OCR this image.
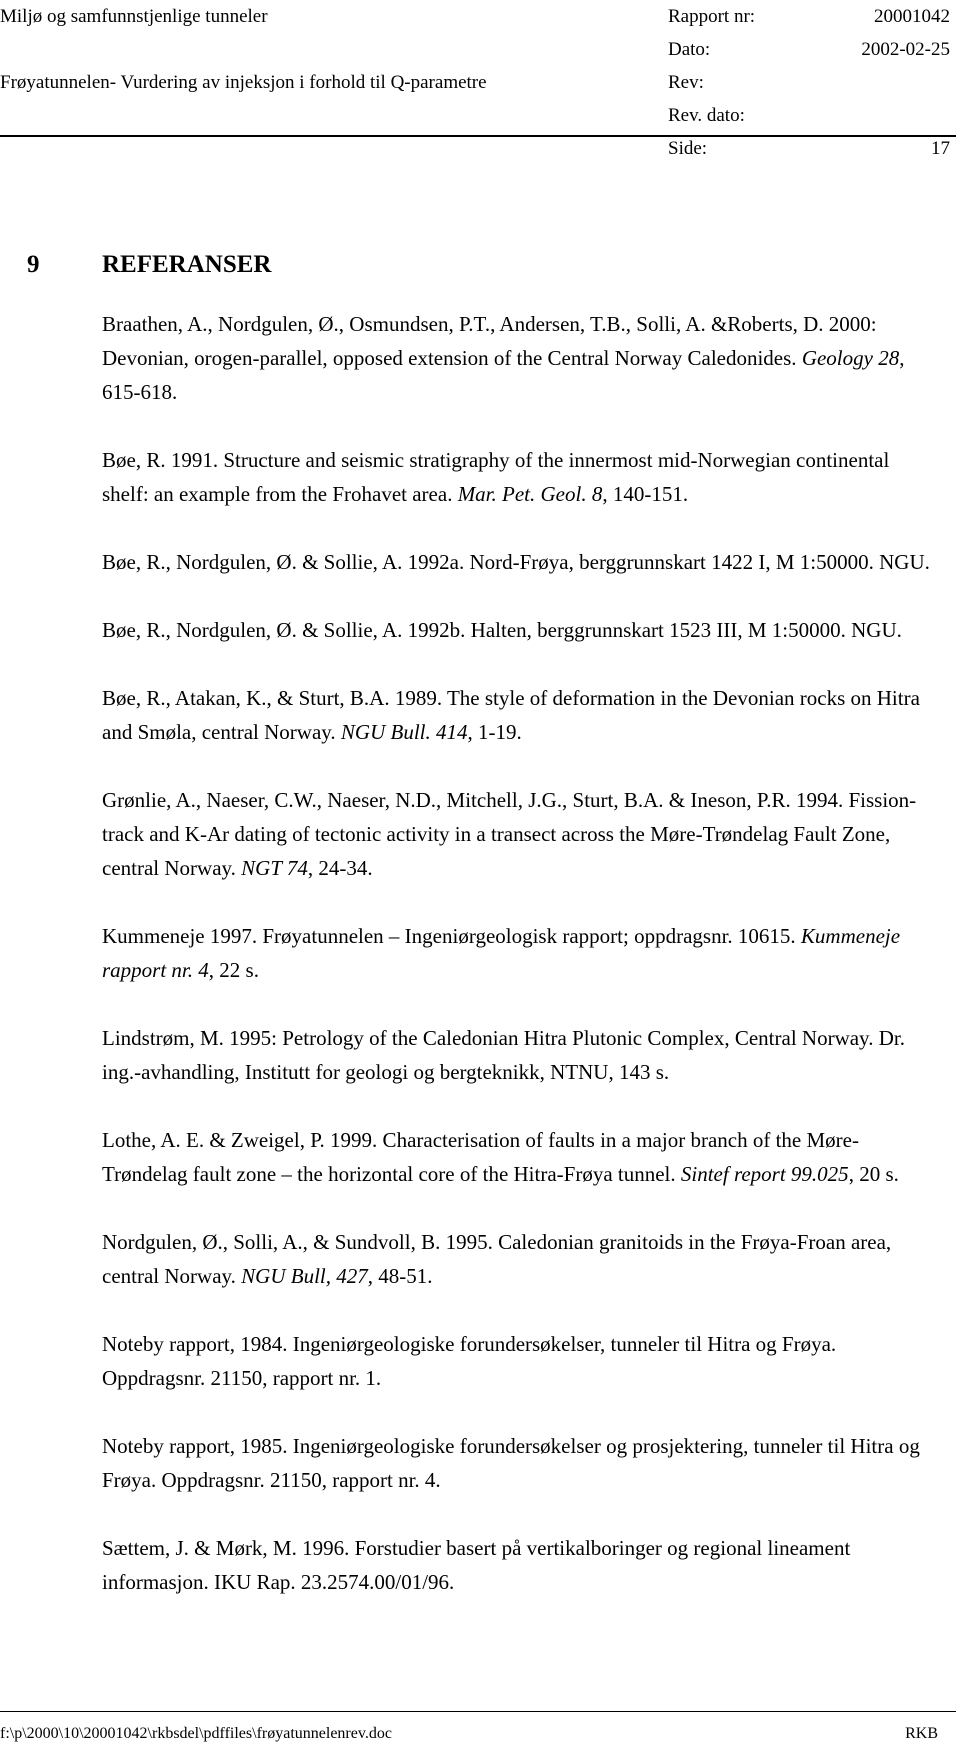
Miljø og samfunnstjenlige tunneler
Frøyatunnelen- Vurdering av injeksjon i forhold til Q-parametre
Rapport nr:	20001042
Dato:	2002-02-25
Rev:
Rev. dato:
Side:	17
9	REFERANSER
Braathen, A., Nordgulen, Ø., Osmundsen, P.T., Andersen, T.B., Solli, A. &Roberts, D. 2000: Devonian, orogen-parallel, opposed extension of the Central Norway Caledonides. Geology 28, 615-618.
Bøe, R. 1991. Structure and seismic stratigraphy of the innermost mid-Norwegian continental shelf: an example from the Frohavet area. Mar. Pet. Geol. 8, 140-151.
Bøe, R., Nordgulen, Ø. & Sollie, A. 1992a. Nord-Frøya, berggrunnskart 1422 I, M 1:50000. NGU.
Bøe, R., Nordgulen, Ø. & Sollie, A. 1992b. Halten, berggrunnskart 1523 III, M 1:50000. NGU.
Bøe, R., Atakan, K., & Sturt, B.A. 1989. The style of deformation in the Devonian rocks on Hitra and Smøla, central Norway. NGU Bull. 414, 1-19.
Grønlie, A., Naeser, C.W., Naeser, N.D., Mitchell, J.G., Sturt, B.A. & Ineson, P.R. 1994. Fission-track and K-Ar dating of tectonic activity in a transect across the Møre-Trøndelag Fault Zone, central Norway. NGT 74, 24-34.
Kummeneje 1997. Frøyatunnelen – Ingeniørgeologisk rapport; oppdragsnr. 10615. Kummeneje rapport nr. 4, 22 s.
Lindstrøm, M. 1995: Petrology of the Caledonian Hitra Plutonic Complex, Central Norway. Dr. ing.-avhandling, Institutt for geologi og bergteknikk, NTNU, 143 s.
Lothe, A. E. & Zweigel, P. 1999. Characterisation of faults in a major branch of the Møre-Trøndelag fault zone – the horizontal core of the Hitra-Frøya tunnel. Sintef report 99.025, 20 s.
Nordgulen, Ø., Solli, A., & Sundvoll, B. 1995. Caledonian granitoids in the Frøya-Froan area, central Norway. NGU Bull, 427, 48-51.
Noteby rapport, 1984. Ingeniørgeologiske forundersøkelser, tunneler til Hitra og Frøya. Oppdragsnr. 21150, rapport nr. 1.
Noteby rapport, 1985. Ingeniørgeologiske forundersøkelser og prosjektering, tunneler til Hitra og Frøya. Oppdragsnr. 21150, rapport nr. 4.
Sættem, J. & Mørk, M. 1996. Forstudier basert på vertikalboringer og regional lineament informasjon. IKU Rap. 23.2574.00/01/96.
f:\p\2000\10\20001042\rkbsdel\pdffiles\frøyatunnelenrev.doc	RKB
